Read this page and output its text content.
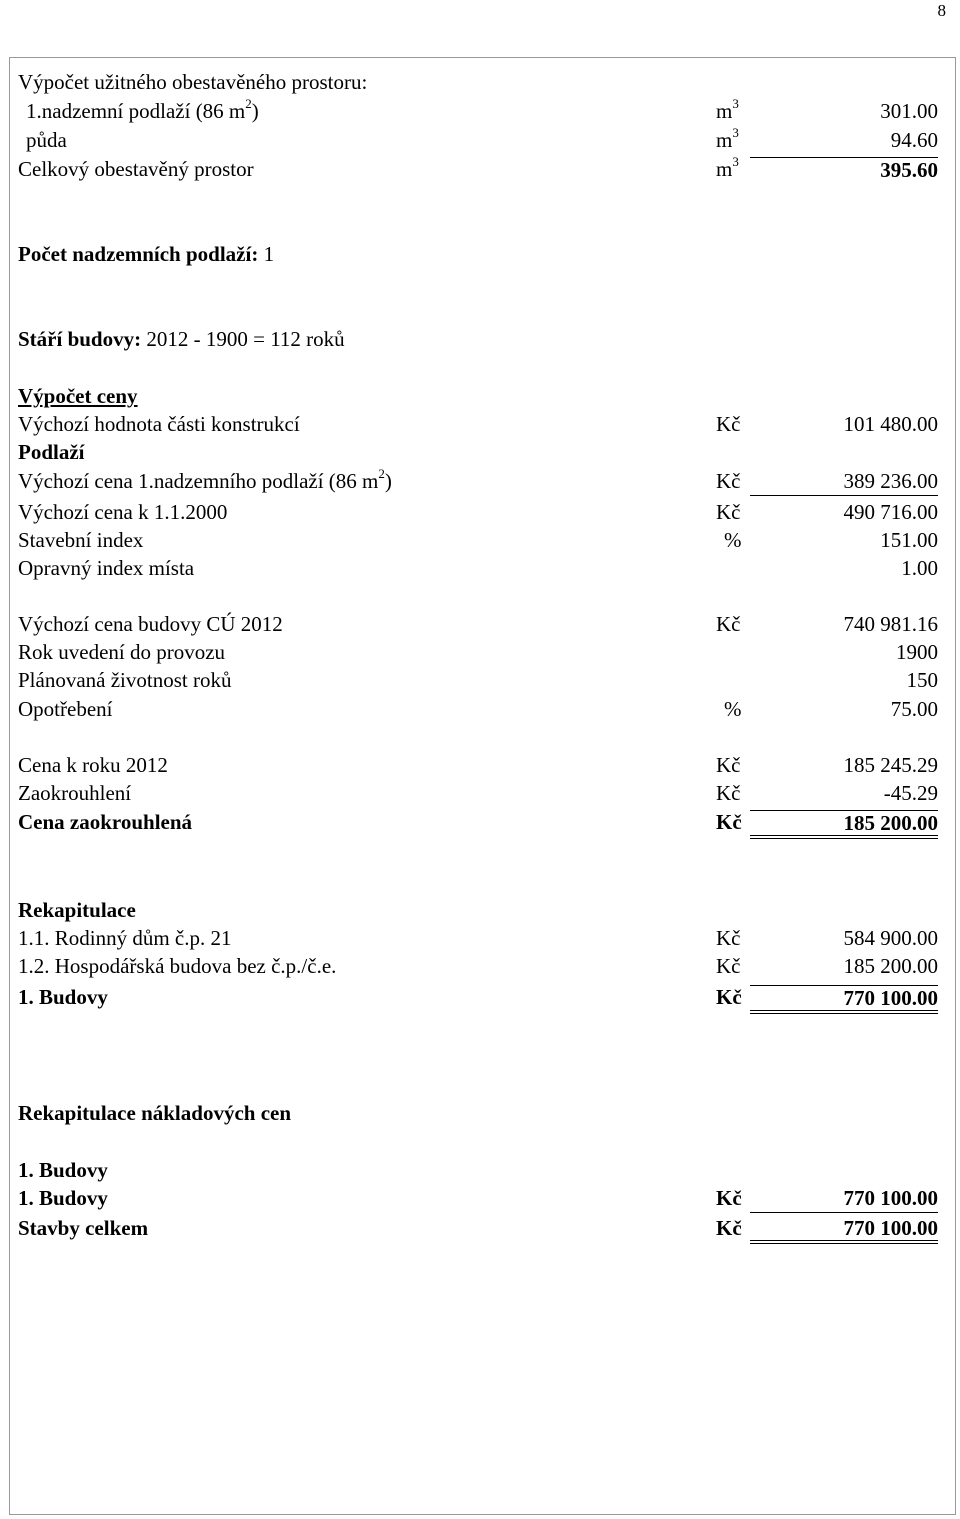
8
Výpočet užitného obestavěného prostoru:
1.nadzemní podlaží (86 $m^2$)	$m^3$	301.00
půda	$m^3$	94.60
Celkový obestavěný prostor	$m^3$	395.60
Počet nadzemních podlaží: 1
Stáří budovy: 2012 - 1900 = 112 roků
Výpočet ceny
Výchozí hodnota části konstrukcí	Kč	101 480.00
Podlaží
Výchozí cena 1.nadzemního podlaží (86 $m^2$)	Kč	389 236.00
Výchozí cena k 1.1.2000	Kč	490 716.00
Stavební index	%	151.00
Opravný index místa	1.00
Výchozí cena budovy CÚ 2012	Kč	740 981.16
Rok uvedení do provozu	1900
Plánovaná životnost roků	150
Opotřebení	%	75.00
Cena k roku 2012	Kč	185 245.29
Zaokrouhlení	Kč	-45.29
Cena zaokrouhlená	Kč	185 200.00
Rekapitulace
1.1. Rodinný dům č.p. 21	Kč	584 900.00
1.2. Hospodářská budova bez č.p./č.e.	Kč	185 200.00
1. Budovy	Kč	770 100.00
Rekapitulace nákladových cen
1. Budovy
1. Budovy	Kč	770 100.00
Stavby celkem	Kč	770 100.00
